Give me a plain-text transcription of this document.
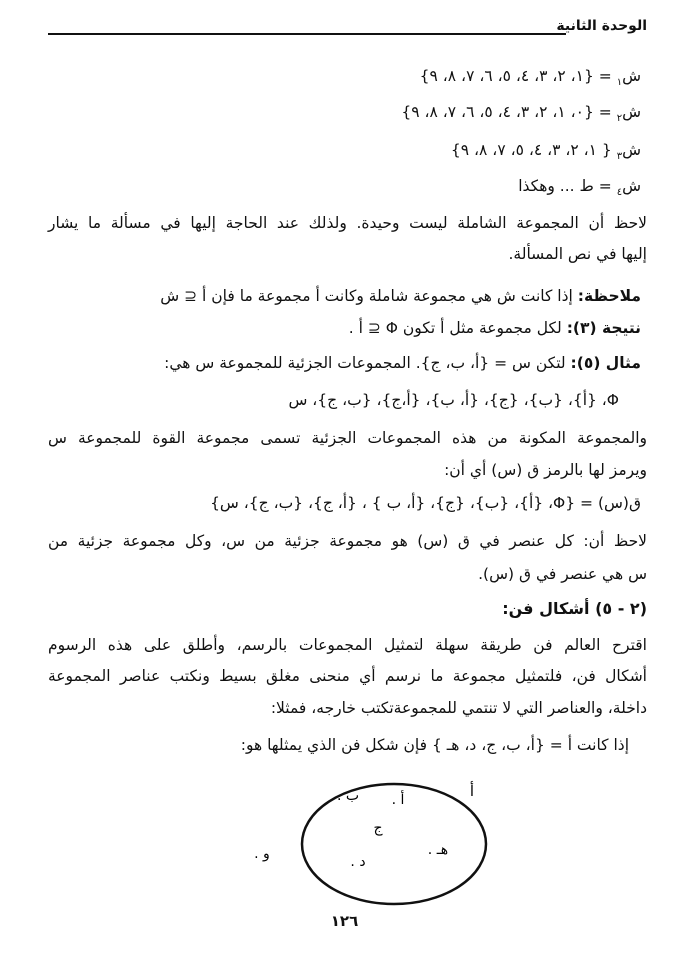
الوحدة الثانية
ش$_١$ = {١، ٢، ٣، ٤، ٥، ٦، ٧، ٨، ٩}
ش$_٢$ = {٠، ١، ٢، ٣، ٤، ٥، ٦، ٧، ٨، ٩}
ش$_٣$ { ١، ٢، ٣، ٤، ٥، ٧، ٨، ٩}
ش$_٤$ = ط ... وهكذا
لاحظ أن المجموعة الشاملة ليست وحيدة. ولذلك عند الحاجة إليها في مسألة ما يشار
إليها في نص المسألة.
ملاحظة: إذا كانت ش هي مجموعة شاملة وكانت أ مجموعة ما فإن أ ⊆ ش
نتيجة (٣): لكل مجموعة مثل أ تكون Φ ⊆ أ .
مثال (٥): لتكن س = {أ، ب، ج}. المجموعات الجزئية للمجموعة س هي:
Φ، {أ}، {ب}، {ج}، {أ، ب}، {أ،ج}، {ب، ج}، س
والمجموعة المكونة من هذه المجموعات الجزئية تسمى مجموعة القوة للمجموعة س
ويرمز لها بالرمز ق (س) أي أن:
ق(س) = {Φ، {أ}، {ب}، {ج}، {أ، ب } ، {أ، ج}، {ب، ج}، س}
لاحظ أن: كل عنصر في ق (س) هو مجموعة جزئية من س، وكل مجموعة جزئية من
س هي عنصر في ق (س).
(٢ - ٥) أشكال فن:
اقترح العالم فن طريقة سهلة لتمثيل المجموعات بالرسم، وأطلق على هذه الرسوم
أشكال فن، فلتمثيل مجموعة ما نرسم أي منحنى مغلق بسيط ونكتب عناصر المجموعة
داخلة، والعناصر التي لا تنتمي للمجموعةتكتب خارجه، فمثلا:
إذا كانت أ = {أ، ب، ج، د، هـ } فإن شكل فن الذي يمثلها هو:
أ
أ .
ب .
ج
د .
هـ .
و .
١٢٦
